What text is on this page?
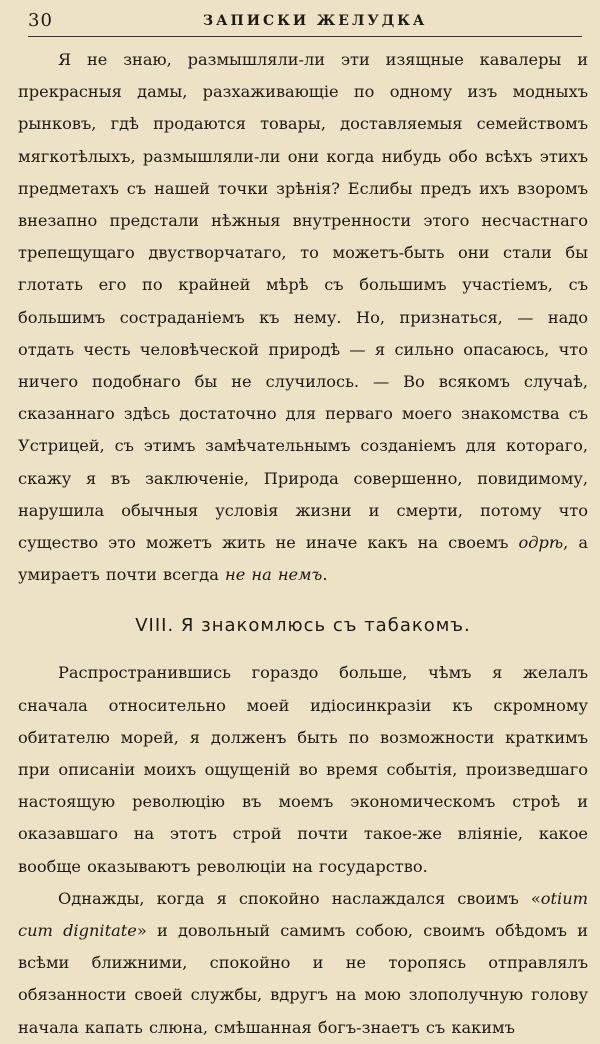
30	ЗАПИСКИ ЖЕЛУДКА

Я не знаю, размышляли-ли эти изящные кавалеры и прекрасныя дамы, разхаживающіе по одному изъ модныхъ рынковъ, гдѣ продаются товары, доставляемыя семействомъ мягкотѣлыхъ, размышляли-ли они когда нибудь обо всѣхъ этихъ предметахъ съ нашей точки зрѣнія? Еслибы предъ ихъ взоромъ внезапно предстали нѣжныя внутренности этого несчастнаго трепещущаго двустворчатаго, то можетъ-быть они стали бы глотать его по крайней мѣрѣ съ большимъ участіемъ, съ большимъ состраданіемъ къ нему. Но, признаться, — надо отдать честь человѣческой природѣ — я сильно опасаюсь, что ничего подобнаго бы не случилось. — Во всякомъ случаѣ, сказаннаго здѣсь достаточно для перваго моего знакомства съ Устрицей, съ этимъ замѣчательнымъ созданіемъ для котораго, скажу я въ заключеніе, Природа совершенно, повидимому, нарушила обычныя условія жизни и смерти, потому что существо это можетъ жить не иначе какъ на своемъ одрѣ, а умираетъ почти всегда не на немъ.

VIII. Я знакомлюсь съ табакомъ.

Распространившись гораздо больше, чѣмъ я желалъ сначала относительно моей идіосинкразіи къ скромному обитателю морей, я долженъ быть по возможности краткимъ при описаніи моихъ ощущеній во время событія, произведшаго настоящую революцію въ моемъ экономическомъ строѣ и оказавшаго на этотъ строй почти такое-же вліяніе, какое вообще оказываютъ революціи на государство.

Однажды, когда я спокойно наслаждался своимъ «otium cum dignitate» и довольный самимъ собою, своимъ обѣдомъ и всѣми ближними, спокойно и не торопясь отправлялъ обязанности своей службы, вдругъ на мою злополучную голову начала капать слюна, смѣшанная богъ-знаетъ съ какимъ
